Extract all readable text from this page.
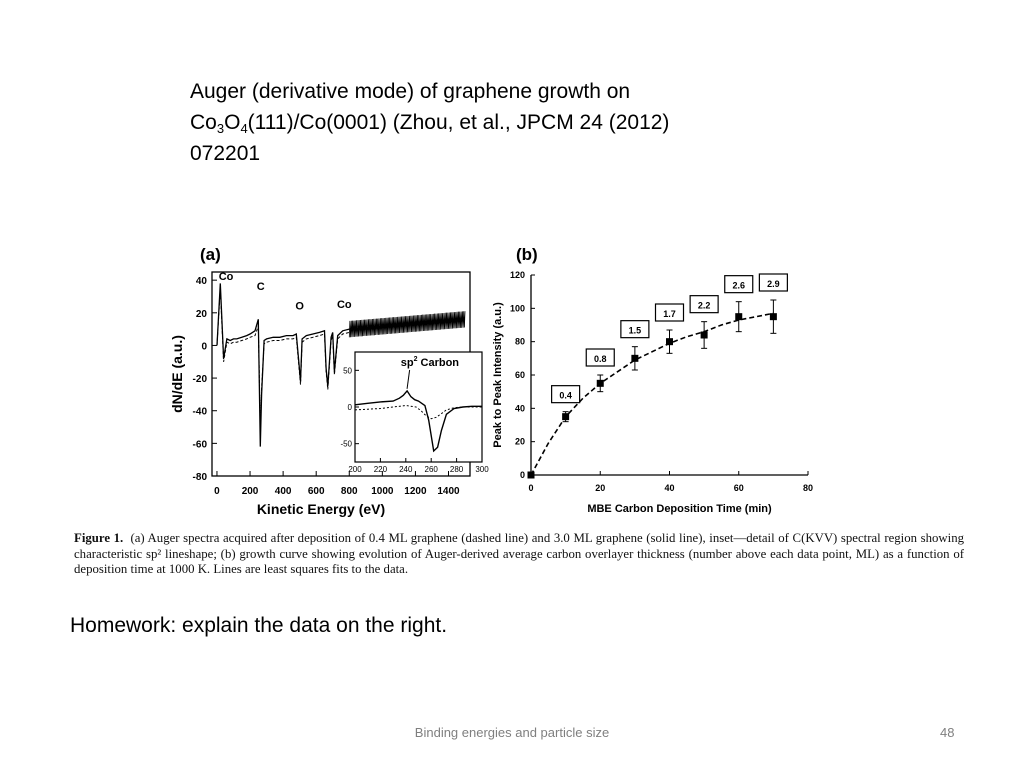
Auger (derivative mode) of graphene growth on $Co_3O_4(111)/Co(0001)$ (Zhou, et al., JPCM 24 (2012) 072201
(a)
-80
-60
-40
-20
0
20
40
0 200 400 600 800 1000 1200 1400
Kinetic Energy (eV)
dN/dE (a.u.)
Co
C
O	Co
-50
0
50
200 220 240 260 280 300
$sp^2$ Carbon
(b)
0
20
40
60
80
100
120
0	20	40	60	80
MBE Carbon Deposition Time (min)
Peak to Peak Intensity (a.u.)	0.4
0.8
1.5
1.7
2.2
2.6 2.9
Figure 1. (a) Auger spectra acquired after deposition of 0.4 ML graphene (dashed line) and 3.0 ML graphene (solid line), inset—detail of C(KVV) spectral region showing characteristic sp² lineshape; (b) growth curve showing evolution of Auger-derived average carbon overlayer thickness (number above each data point, ML) as a function of deposition time at 1000 K. Lines are least squares fits to the data.
Homework: explain the data on the right.
Binding energies and particle size	48
